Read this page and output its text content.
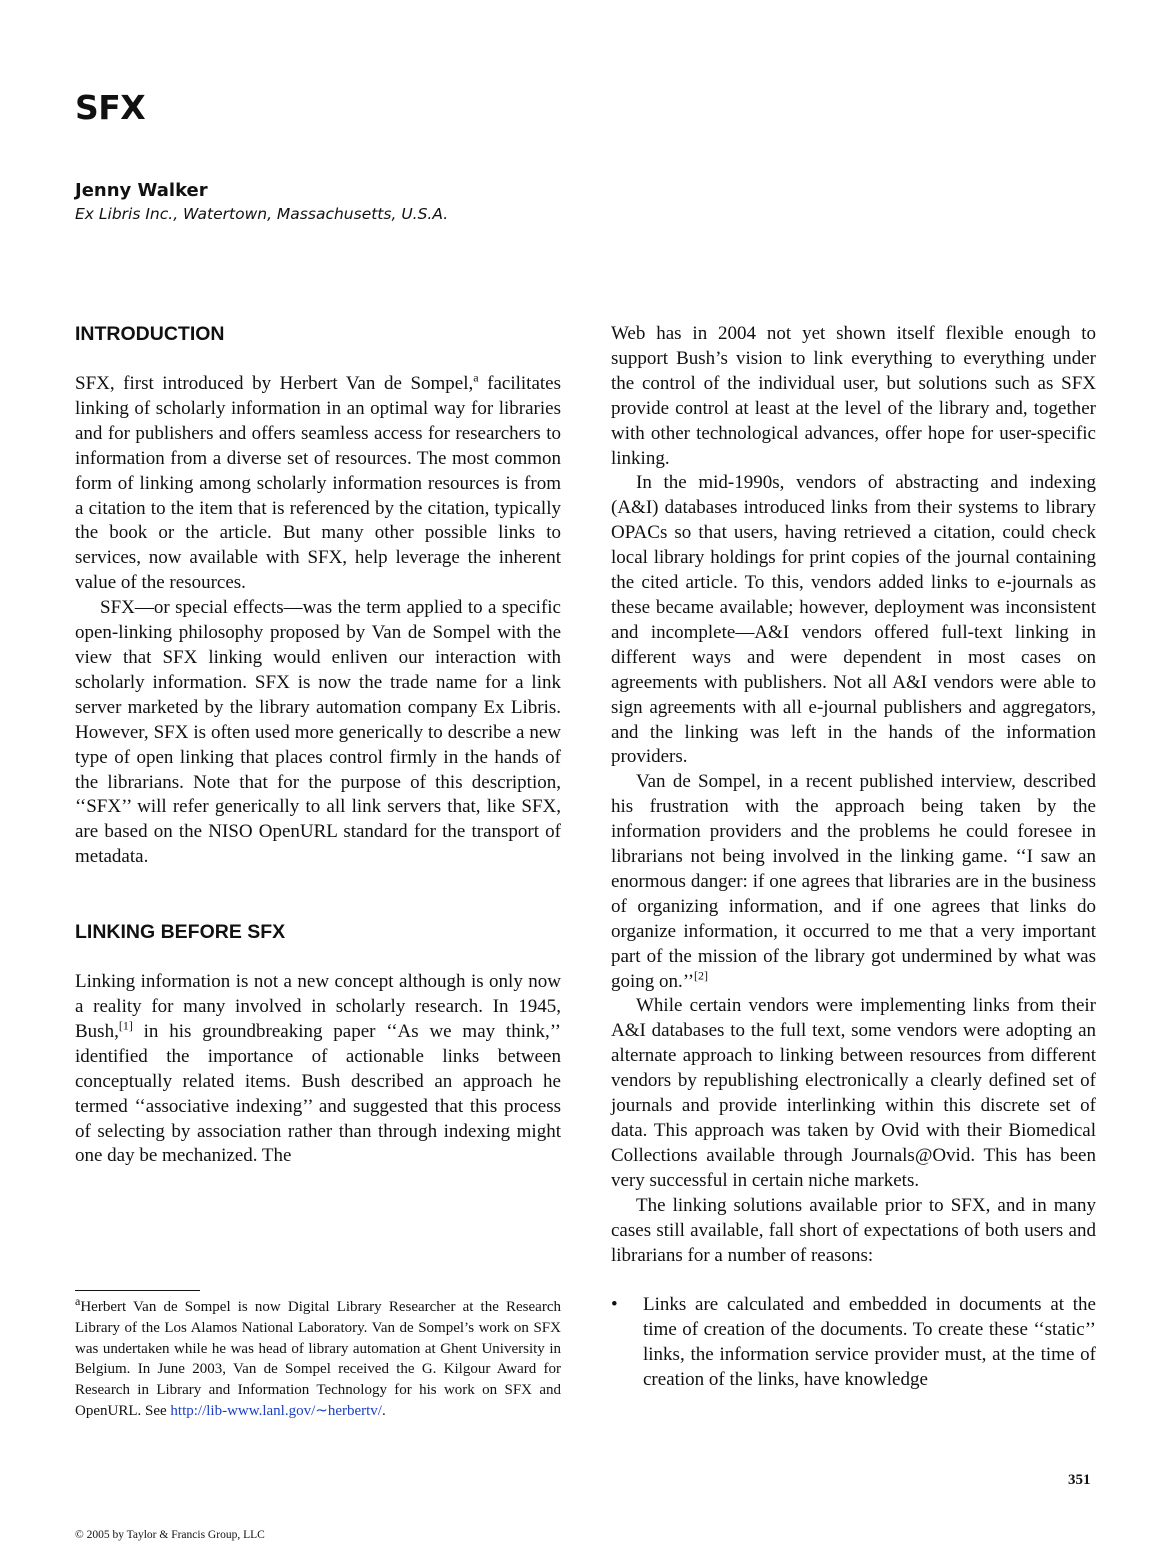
SFX
Jenny Walker
Ex Libris Inc., Watertown, Massachusetts, U.S.A.
INTRODUCTION

SFX, first introduced by Herbert Van de Sompel,$^a$ facilitates linking of scholarly information in an optimal way for libraries and for publishers and offers seamless access for researchers to information from a diverse set of resources. The most common form of linking among scholarly information resources is from a citation to the item that is referenced by the citation, typically the book or the article. But many other possible links to services, now available with SFX, help leverage the inherent value of the resources.

SFX—or special effects—was the term applied to a specific open-linking philosophy proposed by Van de Sompel with the view that SFX linking would enliven our interaction with scholarly information. SFX is now the trade name for a link server marketed by the library automation company Ex Libris. However, SFX is often used more generically to describe a new type of open linking that places control firmly in the hands of the librarians. Note that for the purpose of this description, ‘‘SFX’’ will refer generically to all link servers that, like SFX, are based on the NISO OpenURL standard for the transport of metadata.

LINKING BEFORE SFX

Linking information is not a new concept although is only now a reality for many involved in scholarly research. In 1945, Bush,[1] in his groundbreaking paper ‘‘As we may think,’’ identified the importance of actionable links between conceptually related items. Bush described an approach he termed ‘‘associative indexing’’ and suggested that this process of selecting by association rather than through indexing might one day be mechanized. The

Web has in 2004 not yet shown itself flexible enough to support Bush’s vision to link everything to everything under the control of the individual user, but solutions such as SFX provide control at least at the level of the library and, together with other technological advances, offer hope for user-specific linking.

In the mid-1990s, vendors of abstracting and indexing (A&I) databases introduced links from their systems to library OPACs so that users, having retrieved a citation, could check local library holdings for print copies of the journal containing the cited article. To this, vendors added links to e-journals as these became available; however, deployment was inconsistent and incomplete—A&I vendors offered full-text linking in different ways and were dependent in most cases on agreements with publishers. Not all A&I vendors were able to sign agreements with all e-journal publishers and aggregators, and the linking was left in the hands of the information providers.

Van de Sompel, in a recent published interview, described his frustration with the approach being taken by the information providers and the problems he could foresee in librarians not being involved in the linking game. ‘‘I saw an enormous danger: if one agrees that libraries are in the business of organizing information, and if one agrees that links do organize information, it occurred to me that a very important part of the mission of the library got undermined by what was going on.’’[2]

While certain vendors were implementing links from their A&I databases to the full text, some vendors were adopting an alternate approach to linking between resources from different vendors by republishing electronically a clearly defined set of journals and provide interlinking within this discrete set of data. This approach was taken by Ovid with their Biomedical Collections available through Journals@Ovid. This has been very successful in certain niche markets.

The linking solutions available prior to SFX, and in many cases still available, fall short of expectations of both users and librarians for a number of reasons:

• Links are calculated and embedded in documents at the time of creation of the documents. To create these ‘‘static’’ links, the information service provider must, at the time of creation of the links, have knowledge
$^a$Herbert Van de Sompel is now Digital Library Researcher at the Research Library of the Los Alamos National Laboratory. Van de Sompel’s work on SFX was undertaken while he was head of library automation at Ghent University in Belgium. In June 2003, Van de Sompel received the G. Kilgour Award for Research in Library and Information Technology for his work on SFX and OpenURL. See http://lib-www.lanl.gov/∼herbertv/.
351
© 2005 by Taylor & Francis Group, LLC
